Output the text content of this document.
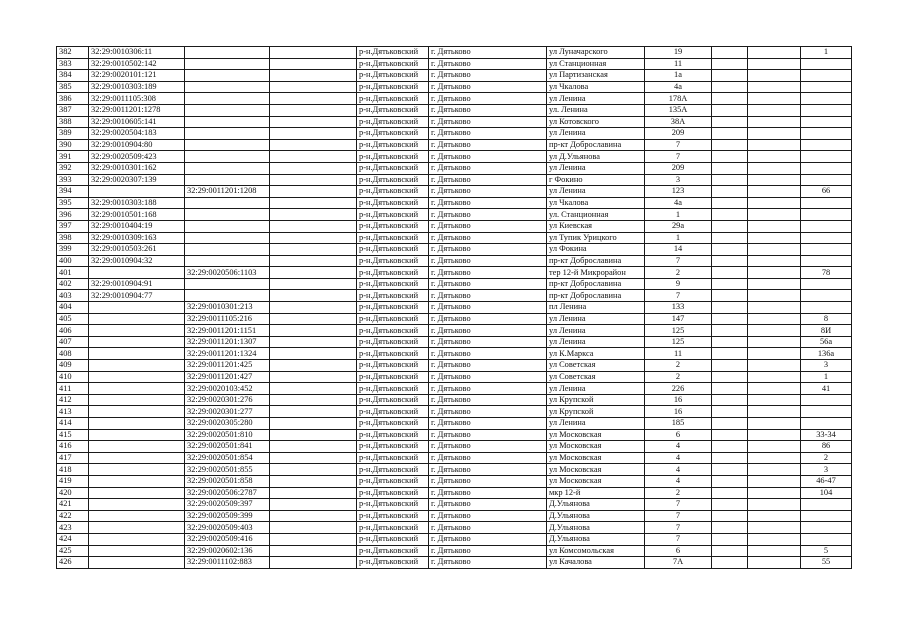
382	32:29:0010306:11			р-н.Дятьковский	г. Дятьково	ул Луначарского	19			1
383	32:29:0010502:142			р-н.Дятьковский	г. Дятьково	ул Станционная	11			
384	32:29:0020101:121			р-н.Дятьковский	г. Дятьково	ул Партизанская	1а			
385	32:29:0010303:189			р-н.Дятьковский	г. Дятьково	ул Чкалова	4а			
386	32:29:0011105:308			р-н.Дятьковский	г. Дятьково	ул Ленина	178А			
387	32:29:0011201:1278			р-н.Дятьковский	г. Дятьково	ул. Ленина	135А			
388	32:29:0010605:141			р-н.Дятьковский	г. Дятьково	ул Котовского	38А			
389	32:29:0020504:183			р-н.Дятьковский	г. Дятьково	ул Ленина	209			
390	32:29:0010904:80			р-н.Дятьковский	г. Дятьково	пр-кт Доброславина	7			
391	32:29:0020509:423			р-н.Дятьковский	г. Дятьково	ул Д.Ульянова	7			
392	32:29:0010301:162			р-н.Дятьковский	г. Дятьково	ул Ленина	209			
393	32:29:0020307:139			р-н.Дятьковский	г. Дятьково	г Фокино	3			
394		32:29:0011201:1208		р-н.Дятьковский	г. Дятьково	ул Ленина	123			66
395	32:29:0010303:188			р-н.Дятьковский	г. Дятьково	ул Чкалова	4а			
396	32:29:0010501:168			р-н.Дятьковский	г. Дятьково	ул. Станционная	1			
397	32:29:0010404:19			р-н.Дятьковский	г. Дятьково	ул Киевская	29а			
398	32:29:0010309:163			р-н.Дятьковский	г. Дятьково	ул Тупик Урицкого	1			
399	32:29:0010503:261			р-н.Дятьковский	г. Дятьково	ул Фокина	14			
400	32:29:0010904:32			р-н.Дятьковский	г. Дятьково	пр-кт Доброславина	7			
401		32:29:0020506:1103		р-н.Дятьковский	г. Дятьково	тер 12-й Микрорайон	2			78
402	32:29:0010904:91			р-н.Дятьковский	г. Дятьково	пр-кт Доброславина	9			
403	32:29:0010904:77			р-н.Дятьковский	г. Дятьково	пр-кт Доброславина	7			
404		32:29:0010301:213		р-н.Дятьковский	г. Дятьково	пл Ленина	133			
405		32:29:0011105:216		р-н.Дятьковский	г. Дятьково	ул Ленина	147			8
406		32:29:0011201:1151		р-н.Дятьковский	г. Дятьково	ул Ленина	125			8И
407		32:29:0011201:1307		р-н.Дятьковский	г. Дятьково	ул Ленина	125			56а
408		32:29:0011201:1324		р-н.Дятьковский	г. Дятьково	ул К.Маркса	11			136а
409		32:29:0011201:425		р-н.Дятьковский	г. Дятьково	ул Советская	2			3
410		32:29:0011201:427		р-н.Дятьковский	г. Дятьково	ул Советская	2			1
411		32:29:0020103:452		р-н.Дятьковский	г. Дятьково	ул Ленина	226			41
412		32:29:0020301:276		р-н.Дятьковский	г. Дятьково	ул Крупской	16			
413		32:29:0020301:277		р-н.Дятьковский	г. Дятьково	ул Крупской	16			
414		32:29:0020305:280		р-н.Дятьковский	г. Дятьково	ул Ленина	185			
415		32:29:0020501:810		р-н.Дятьковский	г. Дятьково	ул Московская	6			33-34
416		32:29:0020501:841		р-н.Дятьковский	г. Дятьково	ул Московская	4			86
417		32:29:0020501:854		р-н.Дятьковский	г. Дятьково	ул Московская	4			2
418		32:29:0020501:855		р-н.Дятьковский	г. Дятьково	ул Московская	4			3
419		32:29:0020501:858		р-н.Дятьковский	г. Дятьково	ул Московская	4			46-47
420		32:29:0020506:2787		р-н.Дятьковский	г. Дятьково	мкр 12-й	2			104
421		32:29:0020509:397		р-н.Дятьковский	г. Дятьково	Д.Ульянова	7			
422		32:29:0020509:399		р-н.Дятьковский	г. Дятьково	Д.Ульянова	7			
423		32:29:0020509:403		р-н.Дятьковский	г. Дятьково	Д.Ульянова	7			
424		32:29:0020509:416		р-н.Дятьковский	г. Дятьково	Д.Ульянова	7			
425		32:29:0020602:136		р-н.Дятьковский	г. Дятьково	ул Комсомольская	6			5
426		32:29:0011102:883		р-н.Дятьковский	г. Дятьково	ул Качалова	7А			55
